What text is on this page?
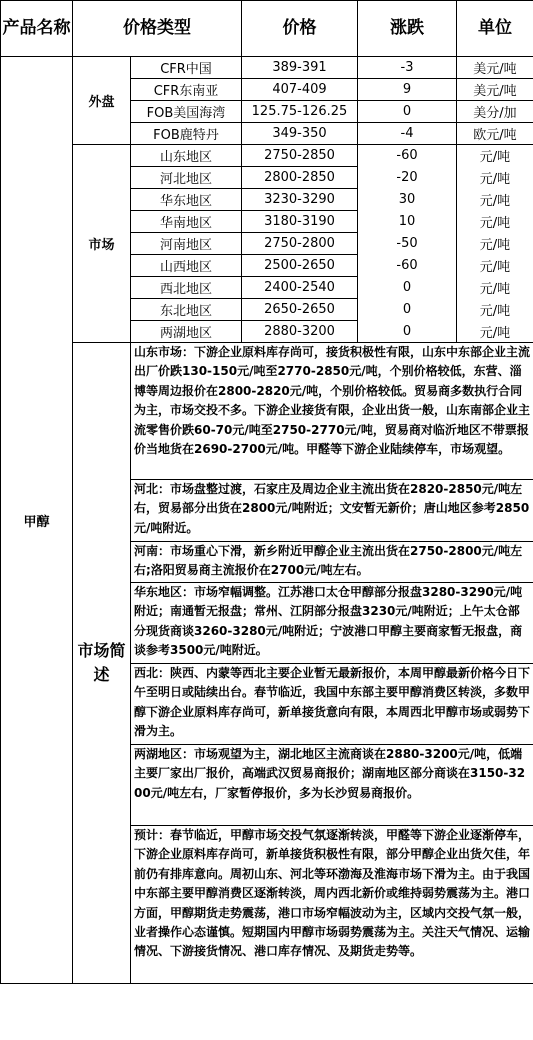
产品名称	价格类型		价格	涨跌	单位
甲醇	外盘	CFR中国	389-391	-3	美元/吨
		CFR东南亚	407-409	9	美元/吨
		FOB美国海湾	125.75-126.25	0	美分/加
		FOB鹿特丹	349-350	-4	欧元/吨
	市场	山东地区	2750-2850	-60	元/吨
		河北地区	2800-2850	-20	元/吨
		华东地区	3230-3290	30	元/吨
		华南地区	3180-3190	10	元/吨
		河南地区	2750-2800	-50	元/吨
		山西地区	2500-2650	-60	元/吨
		西北地区	2400-2540	0	元/吨
		东北地区	2650-2650	0	元/吨
		两湖地区	2880-3200	0	元/吨
	市场简述	山东市场：下游企业原料库存尚可，接货积极性有限，山东中东部企业主流出厂价跌130-150元/吨至2770-2850元/吨，个别价格较低，东营、淄博等周边报价在2800-2820元/吨，个别价格较低。贸易商多数执行合同为主，市场交投不多。下游企业接货有限，企业出货一般，山东南部企业主流零售价跌60-70元/吨至2750-2770元/吨，贸易商对临沂地区不带票报价当地货在2690-2700元/吨。甲醛等下游企业陆续停车，市场观望。			
		河北：市场盘整过渡，石家庄及周边企业主流出货在2820-2850元/吨左右，贸易部分出货在2800元/吨附近；文安暂无新价；唐山地区参考2850元/吨附近。			
		河南：市场重心下滑，新乡附近甲醇企业主流出货在2750-2800元/吨左右;洛阳贸易商主流报价在2700元/吨左右。			
		华东地区：市场窄幅调整。江苏港口太仓甲醇部分报盘3280-3290元/吨附近；南通暂无报盘；常州、江阴部分报盘3230元/吨附近；上午太仓部分现货商谈3260-3280元/吨附近；宁波港口甲醇主要商家暂无报盘，商谈参考3500元/吨附近。			
		西北：陕西、内蒙等西北主要企业暂无最新报价，本周甲醇最新价格今日下午至明日或陆续出台。春节临近，我国中东部主要甲醇消费区转淡，多数甲醇下游企业原料库存尚可，新单接货意向有限，本周西北甲醇市场或弱势下滑为主。			
		两湖地区：市场观望为主，湖北地区主流商谈在2880-3200元/吨，低端主要厂家出厂报价，高端武汉贸易商报价；湖南地区部分商谈在3150-3200元/吨左右，厂家暂停报价，多为长沙贸易商报价。			
		预计：春节临近，甲醇市场交投气氛逐渐转淡，甲醛等下游企业逐渐停车，下游企业原料库存尚可，新单接货积极性有限，部分甲醇企业出货欠佳，年前仍有排库意向。周初山东、河北等环渤海及淮海市场下滑为主。由于我国中东部主要甲醇消费区逐渐转淡，周内西北新价或维持弱势震荡为主。港口方面，甲醇期货走势震荡，港口市场窄幅波动为主，区域内交投气氛一般，业者操作心态谨慎。短期国内甲醇市场弱势震荡为主。关注天气情况、运输情况、下游接货情况、港口库存情况、及期货走势等。			
